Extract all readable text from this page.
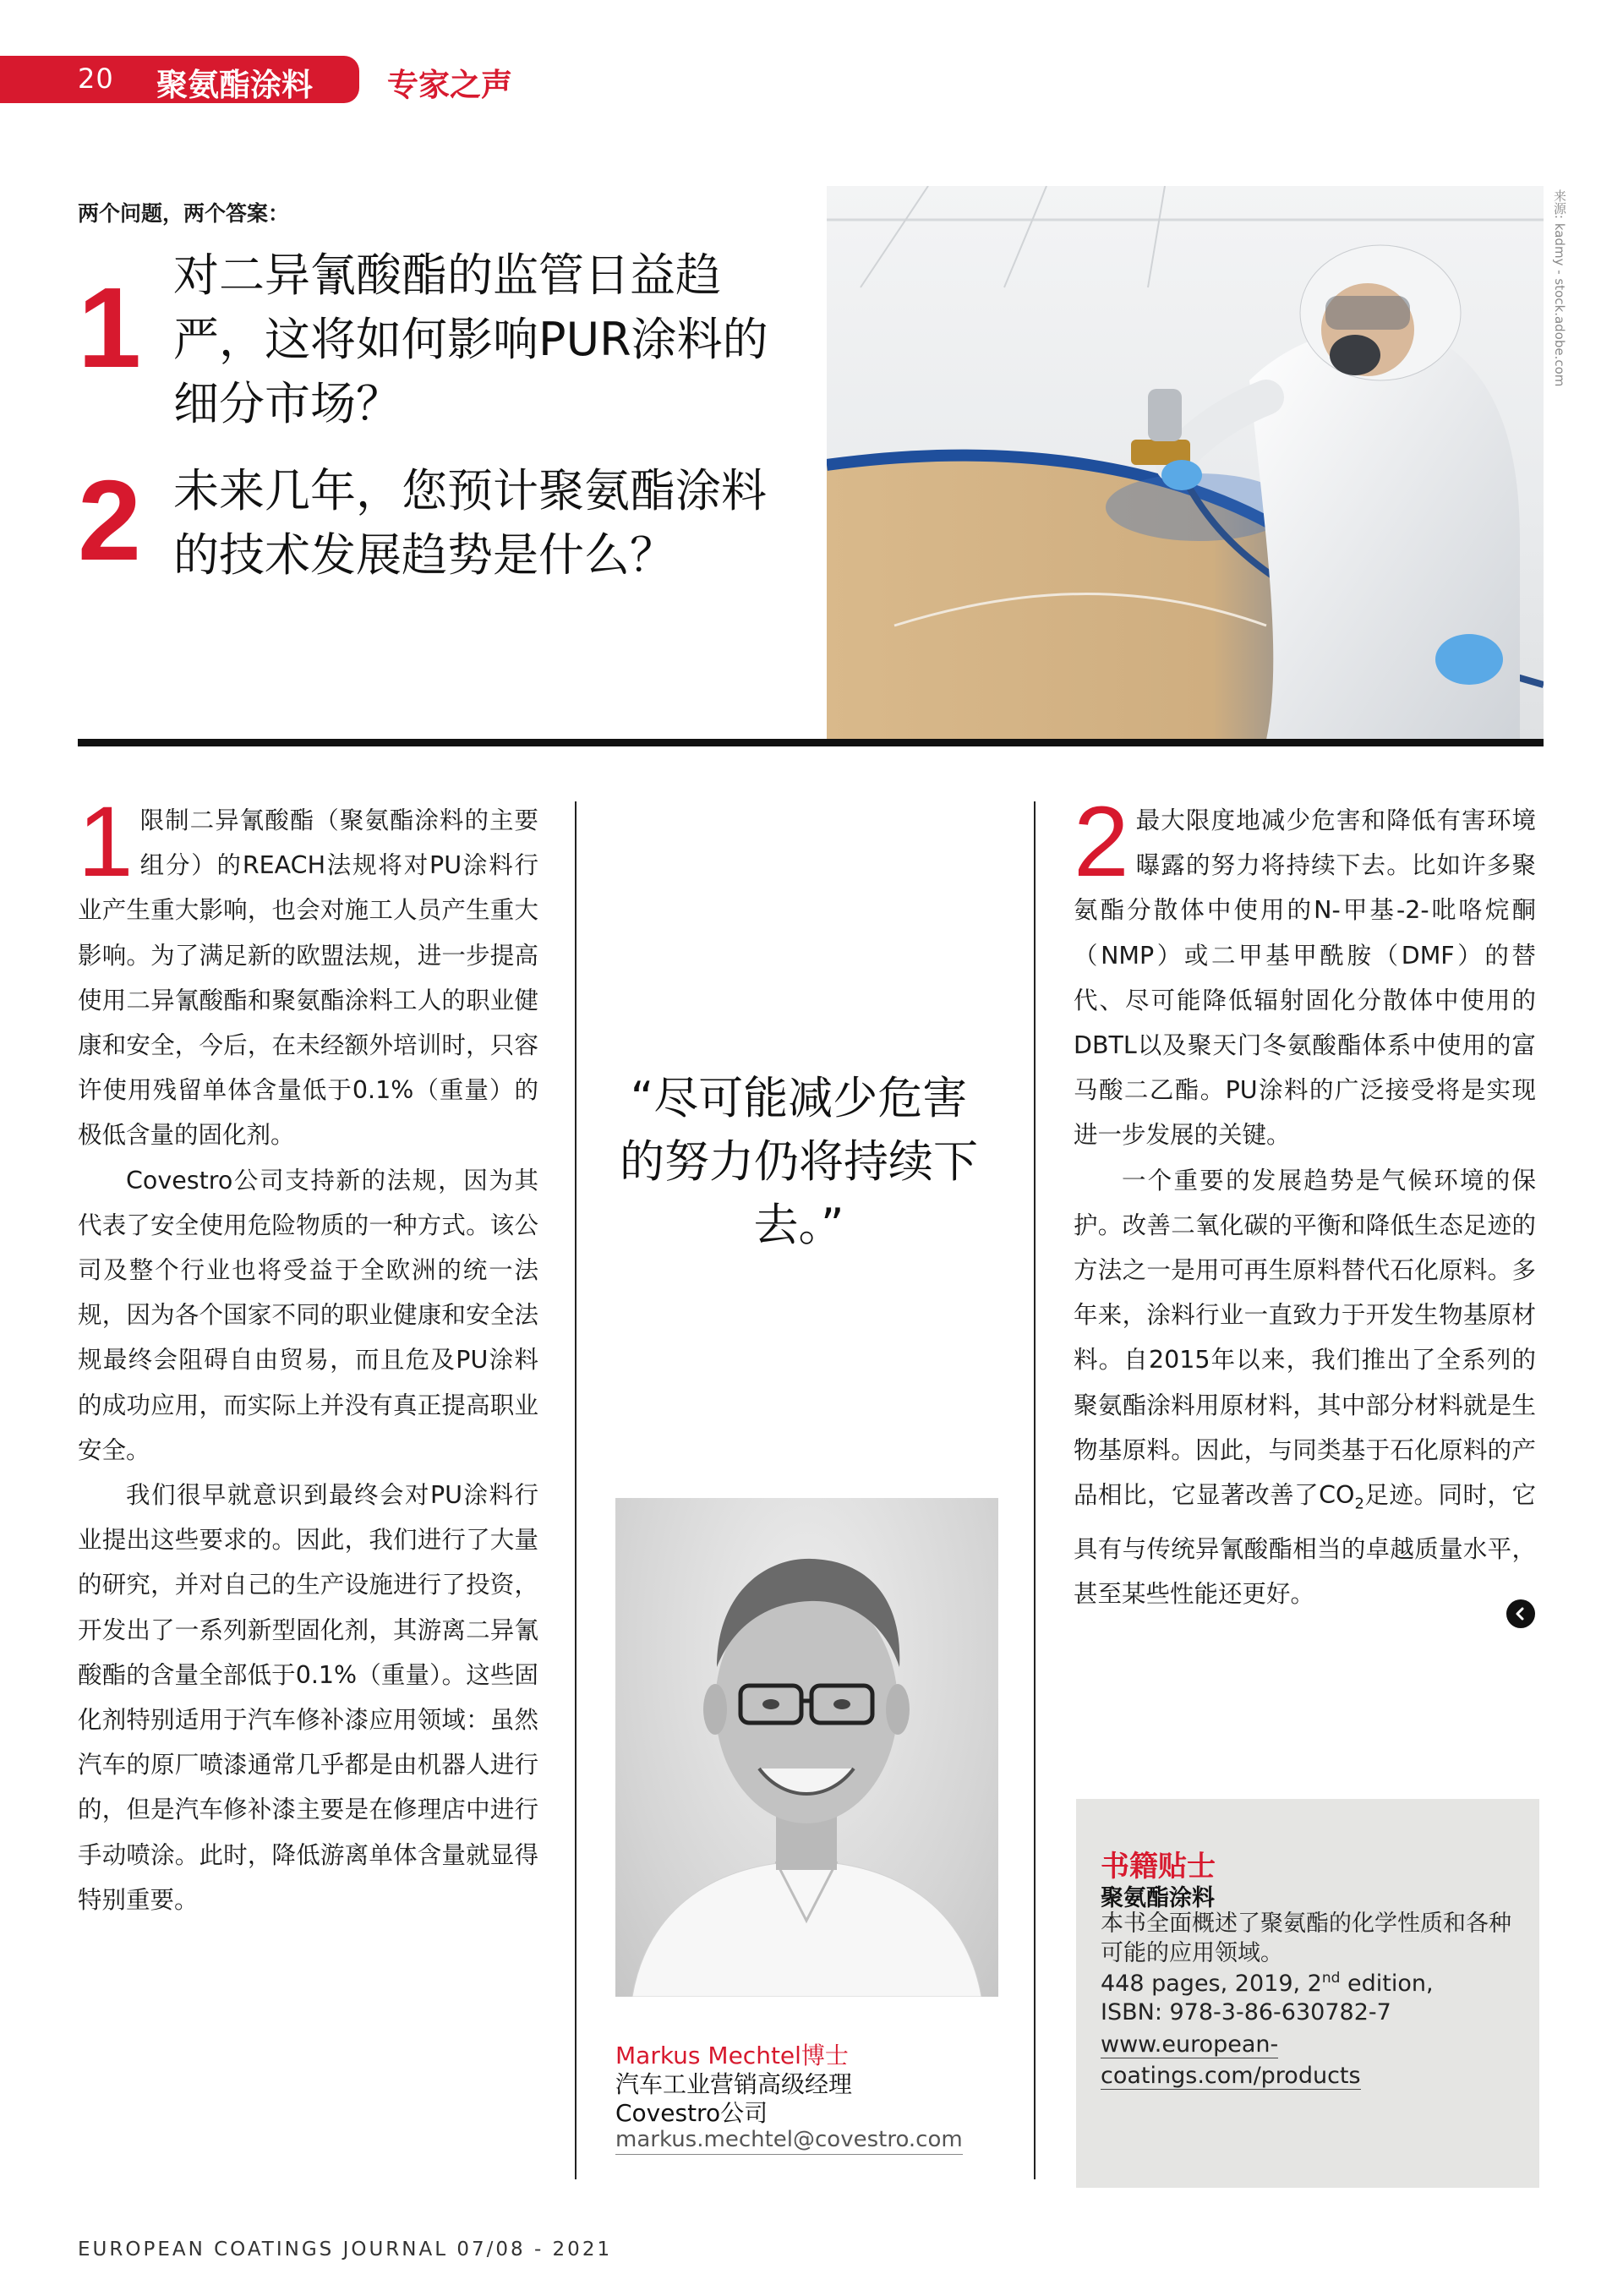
20 聚氨酯涂料 专家之声
两个问题，两个答案：
1 对二异氰酸酯的监管日益趋严，这将如何影响PUR涂料的细分市场？
2 未来几年，您预计聚氨酯涂料的技术发展趋势是什么？
来源: kadmy - stock.adobe.com

1 限制二异氰酸酯（聚氨酯涂料的主要组分）的REACH法规将对PU涂料行业产生重大影响，也会对施工人员产生重大影响。为了满足新的欧盟法规，进一步提高使用二异氰酸酯和聚氨酯涂料工人的职业健康和安全，今后，在未经额外培训时，只容许使用残留单体含量低于0.1%（重量）的极低含量的固化剂。

Covestro公司支持新的法规，因为其代表了安全使用危险物质的一种方式。该公司及整个行业也将受益于全欧洲的统一法规，因为各个国家不同的职业健康和安全法规最终会阻碍自由贸易，而且危及PU涂料的成功应用，而实际上并没有真正提高职业安全。

我们很早就意识到最终会对PU涂料行业提出这些要求的。因此，我们进行了大量的研究，并对自己的生产设施进行了投资，开发出了一系列新型固化剂，其游离二异氰酸酯的含量全部低于0.1%（重量）。这些固化剂特别适用于汽车修补漆应用领域：虽然汽车的原厂喷漆通常几乎都是由机器人进行的，但是汽车修补漆主要是在修理店中进行手动喷涂。此时，降低游离单体含量就显得特别重要。

“尽可能减少危害的努力仍将持续下去。”
Markus Mechtel博士
汽车工业营销高级经理
Covestro公司
markus.mechtel@covestro.com

2 最大限度地减少危害和降低有害环境曝露的努力将持续下去。比如许多聚氨酯分散体中使用的N-甲基-2-吡咯烷酮（NMP）或二甲基甲酰胺（DMF）的替代、尽可能降低辐射固化分散体中使用的DBTL以及聚天门冬氨酸酯体系中使用的富马酸二乙酯。PU涂料的广泛接受将是实现进一步发展的关键。

一个重要的发展趋势是气候环境的保护。改善二氧化碳的平衡和降低生态足迹的方法之一是用可再生原料替代石化原料。多年来，涂料行业一直致力于开发生物基原材料。自2015年以来，我们推出了全系列的聚氨酯涂料用原材料，其中部分材料就是生物基原料。因此，与同类基于石化原料的产品相比，它显著改善了$CO_2$足迹。同时，它具有与传统异氰酸酯相当的卓越质量水平，甚至某些性能还更好。

书籍贴士
聚氨酯涂料
本书全面概述了聚氨酯的化学性质和各种可能的应用领域。
448 pages, 2019, 2nd edition,
ISBN: 978-3-86-630782-7
www.european-coatings.com/products
EUROPEAN COATINGS JOURNAL 07/08 - 2021
